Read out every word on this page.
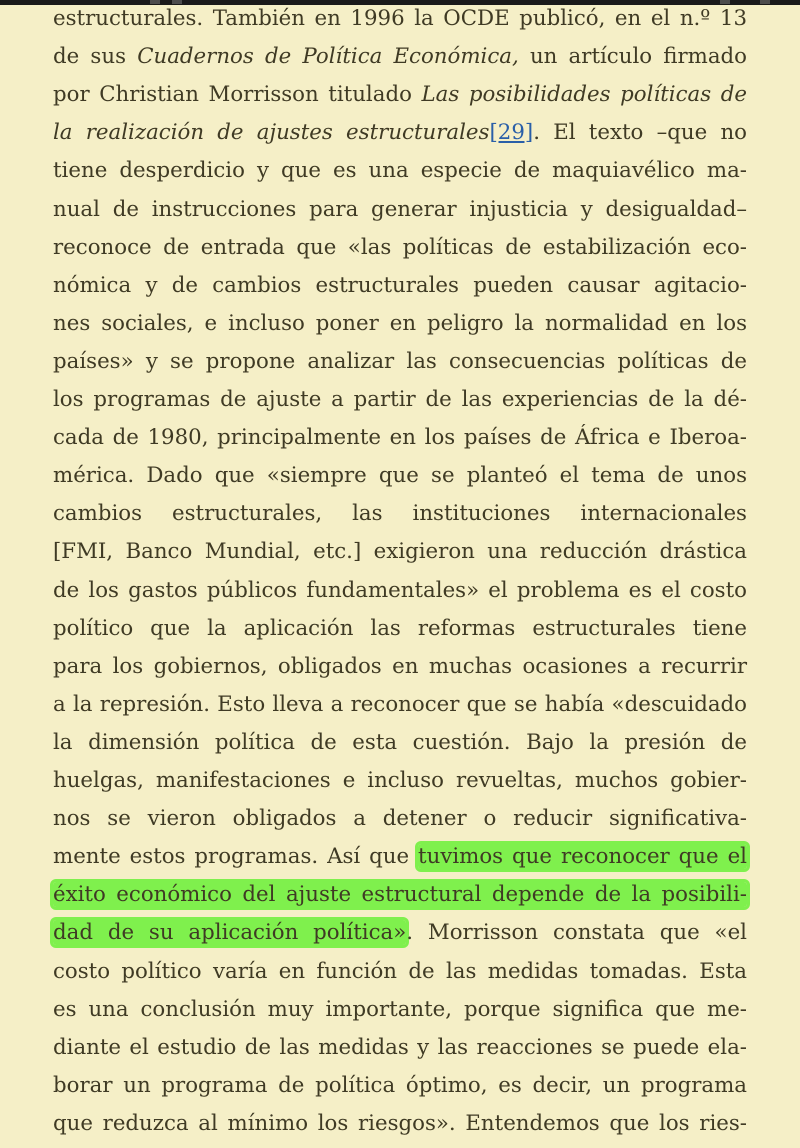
estructurales. También en 1996 la OCDE publicó, en el n.º 13
de sus Cuadernos de Política Económica, un artículo firmado
por Christian Morrisson titulado Las posibilidades políticas de
la realización de ajustes estructurales[29]. El texto –que no
tiene desperdicio y que es una especie de maquiavélico ma-
nual de instrucciones para generar injusticia y desigualdad–
reconoce de entrada que «las políticas de estabilización eco-
nómica y de cambios estructurales pueden causar agitacio-
nes sociales, e incluso poner en peligro la normalidad en los
países» y se propone analizar las consecuencias políticas de
los programas de ajuste a partir de las experiencias de la dé-
cada de 1980, principalmente en los países de África e Iberoa-
mérica. Dado que «siempre que se planteó el tema de unos
cambios estructurales, las instituciones internacionales
[FMI, Banco Mundial, etc.] exigieron una reducción drástica
de los gastos públicos fundamentales» el problema es el costo
político que la aplicación las reformas estructurales tiene
para los gobiernos, obligados en muchas ocasiones a recurrir
a la represión. Esto lleva a reconocer que se había «descuidado
la dimensión política de esta cuestión. Bajo la presión de
huelgas, manifestaciones e incluso revueltas, muchos gobier-
nos se vieron obligados a detener o reducir significativa-
mente estos programas. Así que tuvimos que reconocer que el
éxito económico del ajuste estructural depende de la posibili-
dad de su aplicación política». Morrisson constata que «el
costo político varía en función de las medidas tomadas. Esta
es una conclusión muy importante, porque significa que me-
diante el estudio de las medidas y las reacciones se puede ela-
borar un programa de política óptimo, es decir, un programa
que reduzca al mínimo los riesgos». Entendemos que los ries-
